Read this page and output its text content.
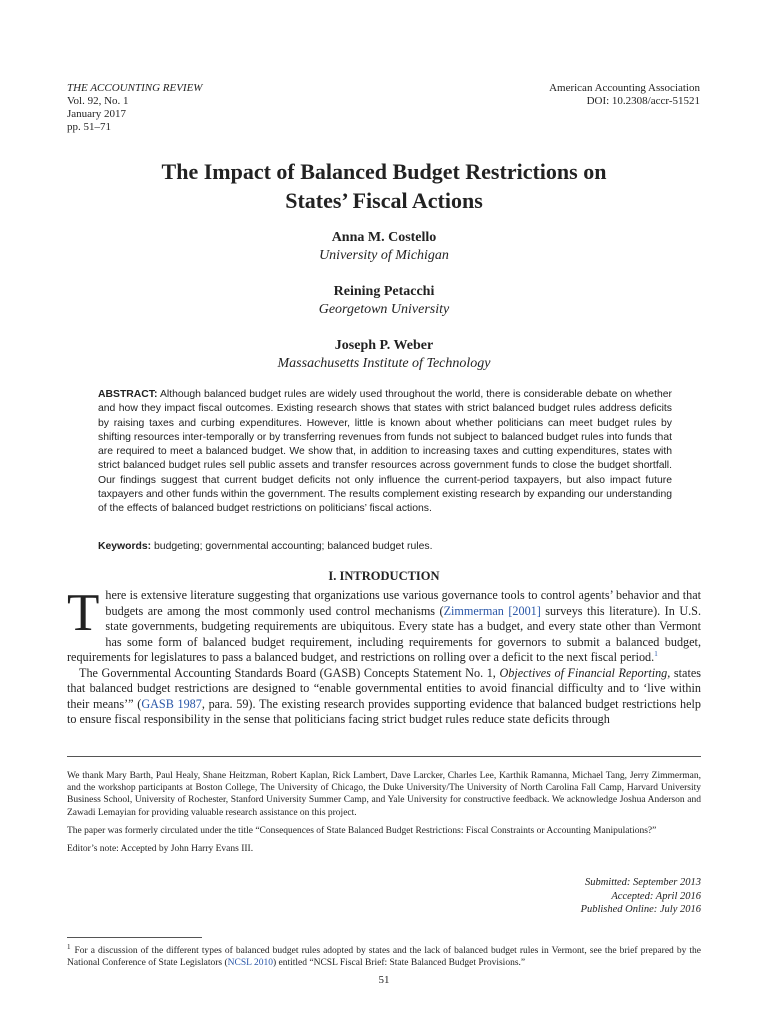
THE ACCOUNTING REVIEW
Vol. 92, No. 1
January 2017
pp. 51–71
American Accounting Association
DOI: 10.2308/accr-51521
The Impact of Balanced Budget Restrictions on
States’ Fiscal Actions
Anna M. Costello
University of Michigan
Reining Petacchi
Georgetown University
Joseph P. Weber
Massachusetts Institute of Technology
ABSTRACT: Although balanced budget rules are widely used throughout the world, there is considerable debate on whether and how they impact fiscal outcomes. Existing research shows that states with strict balanced budget rules address deficits by raising taxes and curbing expenditures. However, little is known about whether politicians can meet budget rules by shifting resources inter-temporally or by transferring revenues from funds not subject to balanced budget rules into funds that are required to meet a balanced budget. We show that, in addition to increasing taxes and cutting expenditures, states with strict balanced budget rules sell public assets and transfer resources across government funds to close the budget shortfall. Our findings suggest that current budget deficits not only influence the current-period taxpayers, but also impact future taxpayers and other funds within the government. The results complement existing research by expanding our understanding of the effects of balanced budget restrictions on politicians’ fiscal actions.
Keywords: budgeting; governmental accounting; balanced budget rules.
I. INTRODUCTION

There is extensive literature suggesting that organizations use various governance tools to control agents’ behavior and that budgets are among the most commonly used control mechanisms (Zimmerman [2001] surveys this literature). In U.S. state governments, budgeting requirements are ubiquitous. Every state has a budget, and every state other than Vermont has some form of balanced budget requirement, including requirements for governors to submit a balanced budget, requirements for legislatures to pass a balanced budget, and restrictions on rolling over a deficit to the next fiscal period.$^1$

The Governmental Accounting Standards Board (GASB) Concepts Statement No. 1, Objectives of Financial Reporting, states that balanced budget restrictions are designed to “enable governmental entities to avoid financial difficulty and to ‘live within their means’” (GASB 1987, para. 59). The existing research provides supporting evidence that balanced budget restrictions help to ensure fiscal responsibility in the sense that politicians facing strict budget rules reduce state deficits through

We thank Mary Barth, Paul Healy, Shane Heitzman, Robert Kaplan, Rick Lambert, Dave Larcker, Charles Lee, Karthik Ramanna, Michael Tang, Jerry Zimmerman, and the workshop participants at Boston College, The University of Chicago, the Duke University/The University of North Carolina Fall Camp, Harvard University Business School, University of Rochester, Stanford University Summer Camp, and Yale University for constructive feedback. We acknowledge Joshua Anderson and Zawadi Lemayian for providing valuable research assistance on this project.

The paper was formerly circulated under the title “Consequences of State Balanced Budget Restrictions: Fiscal Constraints or Accounting Manipulations?”

Editor’s note: Accepted by John Harry Evans III.

Submitted: September 2013
Accepted: April 2016
Published Online: July 2016
$^1$ For a discussion of the different types of balanced budget rules adopted by states and the lack of balanced budget rules in Vermont, see the brief prepared by the National Conference of State Legislators (NCSL 2010) entitled “NCSL Fiscal Brief: State Balanced Budget Provisions.”
51
